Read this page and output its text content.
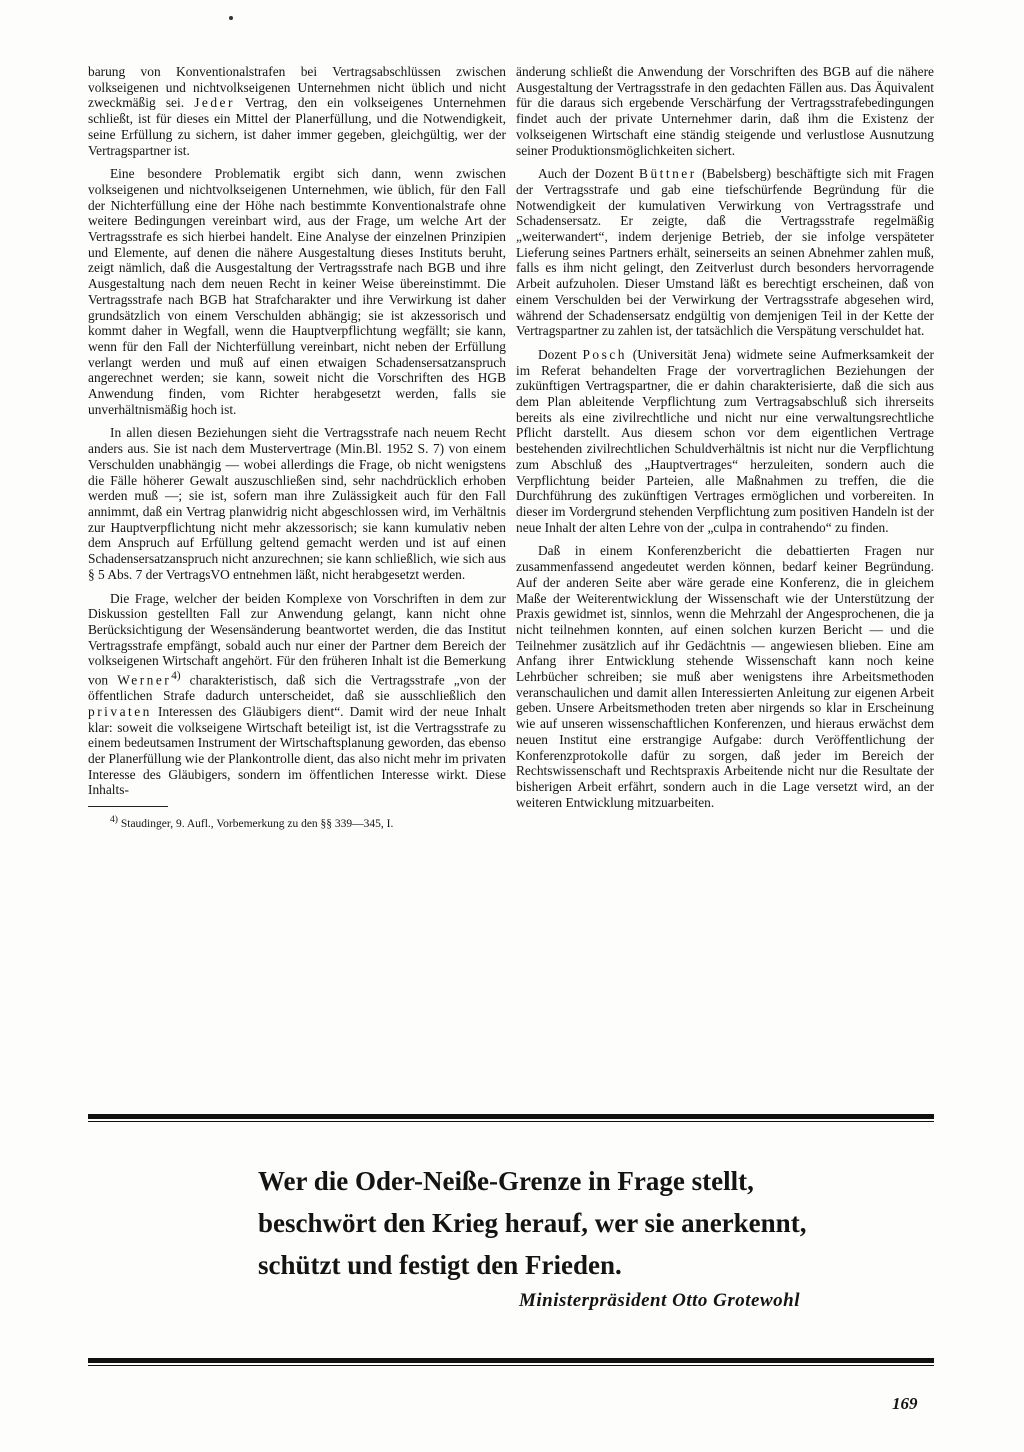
barung von Konventionalstrafen bei Vertragsabschlüssen zwischen volkseigenen und nichtvolkseigenen Unternehmen nicht üblich und nicht zweckmäßig sei. Jeder Vertrag, den ein volkseigenes Unternehmen schließt, ist für dieses ein Mittel der Planerfüllung, und die Notwendigkeit, seine Erfüllung zu sichern, ist daher immer gegeben, gleichgültig, wer der Vertragspartner ist.

Eine besondere Problematik ergibt sich dann, wenn zwischen volkseigenen und nichtvolkseigenen Unternehmen, wie üblich, für den Fall der Nichterfüllung eine der Höhe nach bestimmte Konventionalstrafe ohne weitere Bedingungen vereinbart wird, aus der Frage, um welche Art der Vertragsstrafe es sich hierbei handelt. Eine Analyse der einzelnen Prinzipien und Elemente, auf denen die nähere Ausgestaltung dieses Instituts beruht, zeigt nämlich, daß die Ausgestaltung der Vertragsstrafe nach BGB und ihre Ausgestaltung nach dem neuen Recht in keiner Weise übereinstimmt. Die Vertragsstrafe nach BGB hat Strafcharakter und ihre Verwirkung ist daher grundsätzlich von einem Verschulden abhängig; sie ist akzessorisch und kommt daher in Wegfall, wenn die Hauptverpflichtung wegfällt; sie kann, wenn für den Fall der Nichterfüllung vereinbart, nicht neben der Erfüllung verlangt werden und muß auf einen etwaigen Schadensersatzanspruch angerechnet werden; sie kann, soweit nicht die Vorschriften des HGB Anwendung finden, vom Richter herabgesetzt werden, falls sie unverhältnismäßig hoch ist.

In allen diesen Beziehungen sieht die Vertragsstrafe nach neuem Recht anders aus. Sie ist nach dem Mustervertrage (Min.Bl. 1952 S. 7) von einem Verschulden unabhängig — wobei allerdings die Frage, ob nicht wenigstens die Fälle höherer Gewalt auszuschließen sind, sehr nachdrücklich erhoben werden muß —; sie ist, sofern man ihre Zulässigkeit auch für den Fall annimmt, daß ein Vertrag planwidrig nicht abgeschlossen wird, im Verhältnis zur Hauptverpflichtung nicht mehr akzessorisch; sie kann kumulativ neben dem Anspruch auf Erfüllung geltend gemacht werden und ist auf einen Schadensersatzanspruch nicht anzurechnen; sie kann schließlich, wie sich aus § 5 Abs. 7 der VertragsVO entnehmen läßt, nicht herabgesetzt werden.

Die Frage, welcher der beiden Komplexe von Vorschriften in dem zur Diskussion gestellten Fall zur Anwendung gelangt, kann nicht ohne Berücksichtigung der Wesensänderung beantwortet werden, die das Institut Vertragsstrafe empfängt, sobald auch nur einer der Partner dem Bereich der volkseigenen Wirtschaft angehört. Für den früheren Inhalt ist die Bemerkung von Werner$^{4)}$ charakteristisch, daß sich die Vertragsstrafe „von der öffentlichen Strafe dadurch unterscheidet, daß sie ausschließlich den privaten Interessen des Gläubigers dient“. Damit wird der neue Inhalt klar: soweit die volkseigene Wirtschaft beteiligt ist, ist die Vertragsstrafe zu einem bedeutsamen Instrument der Wirtschaftsplanung geworden, das ebenso der Planerfüllung wie der Plankontrolle dient, das also nicht mehr im privaten Interesse des Gläubigers, sondern im öffentlichen Interesse wirkt. Diese Inhalts-

$^{4)}$ Staudinger, 9. Aufl., Vorbemerkung zu den §§ 339—345, I.

änderung schließt die Anwendung der Vorschriften des BGB auf die nähere Ausgestaltung der Vertragsstrafe in den gedachten Fällen aus. Das Äquivalent für die daraus sich ergebende Verschärfung der Vertragsstrafebedingungen findet auch der private Unternehmer darin, daß ihm die Existenz der volkseigenen Wirtschaft eine ständig steigende und verlustlose Ausnutzung seiner Produktionsmöglichkeiten sichert.

Auch der Dozent Büttner (Babelsberg) beschäftigte sich mit Fragen der Vertragsstrafe und gab eine tiefschürfende Begründung für die Notwendigkeit der kumulativen Verwirkung von Vertragsstrafe und Schadensersatz. Er zeigte, daß die Vertragsstrafe regelmäßig „weiterwandert“, indem derjenige Betrieb, der sie infolge verspäteter Lieferung seines Partners erhält, seinerseits an seinen Abnehmer zahlen muß, falls es ihm nicht gelingt, den Zeitverlust durch besonders hervorragende Arbeit aufzuholen. Dieser Umstand läßt es berechtigt erscheinen, daß von einem Verschulden bei der Verwirkung der Vertragsstrafe abgesehen wird, während der Schadensersatz endgültig von demjenigen Teil in der Kette der Vertragspartner zu zahlen ist, der tatsächlich die Verspätung verschuldet hat.

Dozent Posch (Universität Jena) widmete seine Aufmerksamkeit der im Referat behandelten Frage der vorvertraglichen Beziehungen der zukünftigen Vertragspartner, die er dahin charakterisierte, daß die sich aus dem Plan ableitende Verpflichtung zum Vertragsabschluß sich ihrerseits bereits als eine zivilrechtliche und nicht nur eine verwaltungsrechtliche Pflicht darstellt. Aus diesem schon vor dem eigentlichen Vertrage bestehenden zivilrechtlichen Schuldverhältnis ist nicht nur die Verpflichtung zum Abschluß des „Hauptvertrages“ herzuleiten, sondern auch die Verpflichtung beider Parteien, alle Maßnahmen zu treffen, die die Durchführung des zukünftigen Vertrages ermöglichen und vorbereiten. In dieser im Vordergrund stehenden Verpflichtung zum positiven Handeln ist der neue Inhalt der alten Lehre von der „culpa in contrahendo“ zu finden.

Daß in einem Konferenzbericht die debattierten Fragen nur zusammenfassend angedeutet werden können, bedarf keiner Begründung. Auf der anderen Seite aber wäre gerade eine Konferenz, die in gleichem Maße der Weiterentwicklung der Wissenschaft wie der Unterstützung der Praxis gewidmet ist, sinnlos, wenn die Mehrzahl der Angesprochenen, die ja nicht teilnehmen konnten, auf einen solchen kurzen Bericht — und die Teilnehmer zusätzlich auf ihr Gedächtnis — angewiesen blieben. Eine am Anfang ihrer Entwicklung stehende Wissenschaft kann noch keine Lehrbücher schreiben; sie muß aber wenigstens ihre Arbeitsmethoden veranschaulichen und damit allen Interessierten Anleitung zur eigenen Arbeit geben. Unsere Arbeitsmethoden treten aber nirgends so klar in Erscheinung wie auf unseren wissenschaftlichen Konferenzen, und hieraus erwächst dem neuen Institut eine erstrangige Aufgabe: durch Veröffentlichung der Konferenzprotokolle dafür zu sorgen, daß jeder im Bereich der Rechtswissenschaft und Rechtspraxis Arbeitende nicht nur die Resultate der bisherigen Arbeit erfährt, sondern auch in die Lage versetzt wird, an der weiteren Entwicklung mitzuarbeiten.

Wer die Oder-Neiße-Grenze in Frage stellt,
beschwört den Krieg herauf, wer sie anerkennt,
schützt und festigt den Frieden.
Ministerpräsident Otto Grotewohl
169
